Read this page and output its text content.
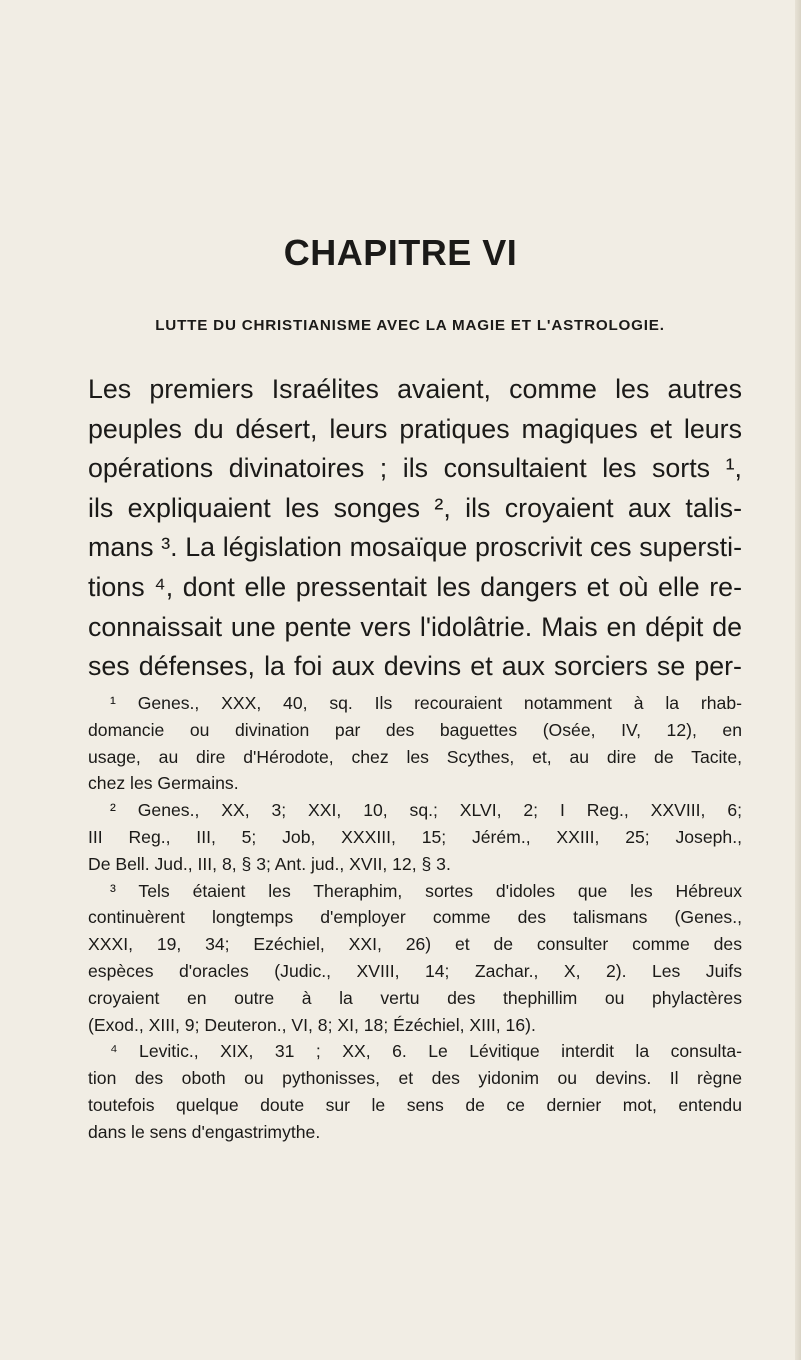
CHAPITRE VI
LUTTE DU CHRISTIANISME AVEC LA MAGIE ET L'ASTROLOGIE.
Les premiers Israélites avaient, comme les autres
peuples du désert, leurs pratiques magiques et leurs
opérations divinatoires ; ils consultaient les sorts ¹,
ils expliquaient les songes ², ils croyaient aux talis-
mans ³. La législation mosaïque proscrivit ces supersti-
tions ⁴, dont elle pressentait les dangers et où elle re-
connaissait une pente vers l'idolâtrie. Mais en dépit de
ses défenses, la foi aux devins et aux sorciers se per-
¹ Genes., XXX, 40, sq. Ils recouraient notamment à la rhab-
domancie ou divination par des baguettes (Osée, IV, 12), en
usage, au dire d'Hérodote, chez les Scythes, et, au dire de Tacite,
chez les Germains.
² Genes., XX, 3; XXI, 10, sq.; XLVI, 2; I Reg., XXVIII, 6;
III Reg., III, 5; Job, XXXIII, 15; Jérém., XXIII, 25; Joseph.,
De Bell. Jud., III, 8, § 3; Ant. jud., XVII, 12, § 3.
³ Tels étaient les Theraphim, sortes d'idoles que les Hébreux
continuèrent longtemps d'employer comme des talismans (Genes.,
XXXI, 19, 34; Ezéchiel, XXI, 26) et de consulter comme des
espèces d'oracles (Judic., XVIII, 14; Zachar., X, 2). Les Juifs
croyaient en outre à la vertu des thephillim ou phylactères
(Exod., XIII, 9; Deuteron., VI, 8; XI, 18; Ézéchiel, XIII, 16).
⁴ Levitic., XIX, 31 ; XX, 6. Le Lévitique interdit la consulta-
tion des oboth ou pythonisses, et des yidonim ou devins. Il règne
toutefois quelque doute sur le sens de ce dernier mot, entendu
dans le sens d'engastrimythe.
